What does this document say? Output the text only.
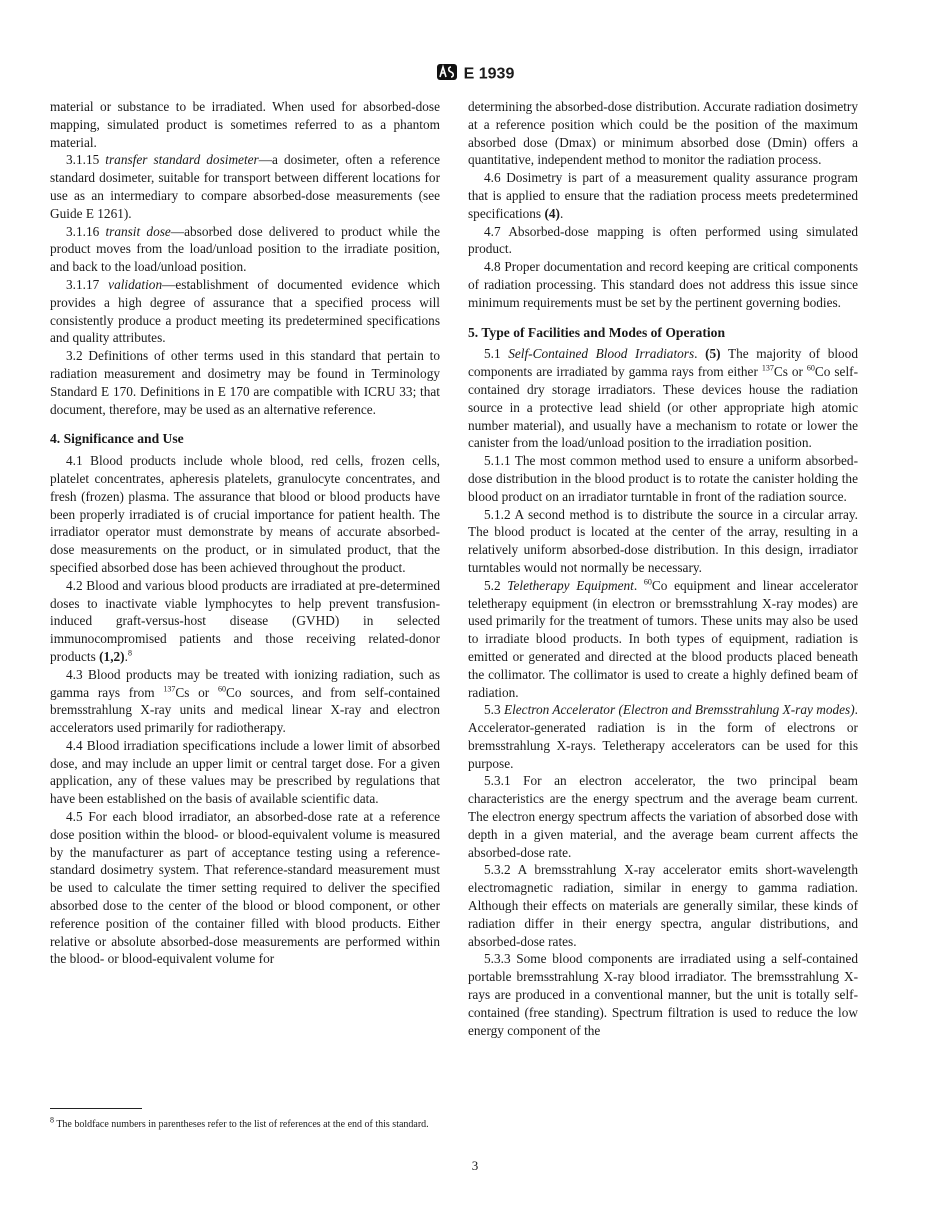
E 1939

material or substance to be irradiated. When used for absorbed-dose mapping, simulated product is sometimes referred to as a phantom material.

3.1.15 transfer standard dosimeter—a dosimeter, often a reference standard dosimeter, suitable for transport between different locations for use as an intermediary to compare absorbed-dose measurements (see Guide E 1261).

3.1.16 transit dose—absorbed dose delivered to product while the product moves from the load/unload position to the irradiate position, and back to the load/unload position.

3.1.17 validation—establishment of documented evidence which provides a high degree of assurance that a specified process will consistently produce a product meeting its predetermined specifications and quality attributes.

3.2 Definitions of other terms used in this standard that pertain to radiation measurement and dosimetry may be found in Terminology Standard E 170. Definitions in E 170 are compatible with ICRU 33; that document, therefore, may be used as an alternative reference.

4. Significance and Use

4.1 Blood products include whole blood, red cells, frozen cells, platelet concentrates, apheresis platelets, granulocyte concentrates, and fresh (frozen) plasma. The assurance that blood or blood products have been properly irradiated is of crucial importance for patient health. The irradiator operator must demonstrate by means of accurate absorbed-dose measurements on the product, or in simulated product, that the specified absorbed dose has been achieved throughout the product.

4.2 Blood and various blood products are irradiated at pre-determined doses to inactivate viable lymphocytes to help prevent transfusion-induced graft-versus-host disease (GVHD) in selected immunocompromised patients and those receiving related-donor products (1,2).$^8$

4.3 Blood products may be treated with ionizing radiation, such as gamma rays from $^{137}$Cs or $^{60}$Co sources, and from self-contained bremsstrahlung X-ray units and medical linear X-ray and electron accelerators used primarily for radiotherapy.

4.4 Blood irradiation specifications include a lower limit of absorbed dose, and may include an upper limit or central target dose. For a given application, any of these values may be prescribed by regulations that have been established on the basis of available scientific data.

4.5 For each blood irradiator, an absorbed-dose rate at a reference dose position within the blood- or blood-equivalent volume is measured by the manufacturer as part of acceptance testing using a reference-standard dosimetry system. That reference-standard measurement must be used to calculate the timer setting required to deliver the specified absorbed dose to the center of the blood or blood component, or other reference position of the container filled with blood products. Either relative or absolute absorbed-dose measurements are performed within the blood- or blood-equivalent volume for

$^8$ The boldface numbers in parentheses refer to the list of references at the end of this standard.

determining the absorbed-dose distribution. Accurate radiation dosimetry at a reference position which could be the position of the maximum absorbed dose (Dmax) or minimum absorbed dose (Dmin) offers a quantitative, independent method to monitor the radiation process.

4.6 Dosimetry is part of a measurement quality assurance program that is applied to ensure that the radiation process meets predetermined specifications (4).

4.7 Absorbed-dose mapping is often performed using simulated product.

4.8 Proper documentation and record keeping are critical components of radiation processing. This standard does not address this issue since minimum requirements must be set by the pertinent governing bodies.

5. Type of Facilities and Modes of Operation

5.1 Self-Contained Blood Irradiators. (5) The majority of blood components are irradiated by gamma rays from either $^{137}$Cs or $^{60}$Co self-contained dry storage irradiators. These devices house the radiation source in a protective lead shield (or other appropriate high atomic number material), and usually have a mechanism to rotate or lower the canister from the load/unload position to the irradiation position.

5.1.1 The most common method used to ensure a uniform absorbed-dose distribution in the blood product is to rotate the canister holding the blood product on an irradiator turntable in front of the radiation source.

5.1.2 A second method is to distribute the source in a circular array. The blood product is located at the center of the array, resulting in a relatively uniform absorbed-dose distribution. In this design, irradiator turntables would not normally be necessary.

5.2 Teletherapy Equipment. $^{60}$Co equipment and linear accelerator teletherapy equipment (in electron or bremsstrahlung X-ray modes) are used primarily for the treatment of tumors. These units may also be used to irradiate blood products. In both types of equipment, radiation is emitted or generated and directed at the blood products placed beneath the collimator. The collimator is used to create a highly defined beam of radiation.

5.3 Electron Accelerator (Electron and Bremsstrahlung X-ray modes). Accelerator-generated radiation is in the form of electrons or bremsstrahlung X-rays. Teletherapy accelerators can be used for this purpose.

5.3.1 For an electron accelerator, the two principal beam characteristics are the energy spectrum and the average beam current. The electron energy spectrum affects the variation of absorbed dose with depth in a given material, and the average beam current affects the absorbed-dose rate.

5.3.2 A bremsstrahlung X-ray accelerator emits short-wavelength electromagnetic radiation, similar in energy to gamma radiation. Although their effects on materials are generally similar, these kinds of radiation differ in their energy spectra, angular distributions, and absorbed-dose rates.

5.3.3 Some blood components are irradiated using a self-contained portable bremsstrahlung X-ray blood irradiator. The bremsstrahlung X-rays are produced in a conventional manner, but the unit is totally self-contained (free standing). Spectrum filtration is used to reduce the low energy component of the

3
